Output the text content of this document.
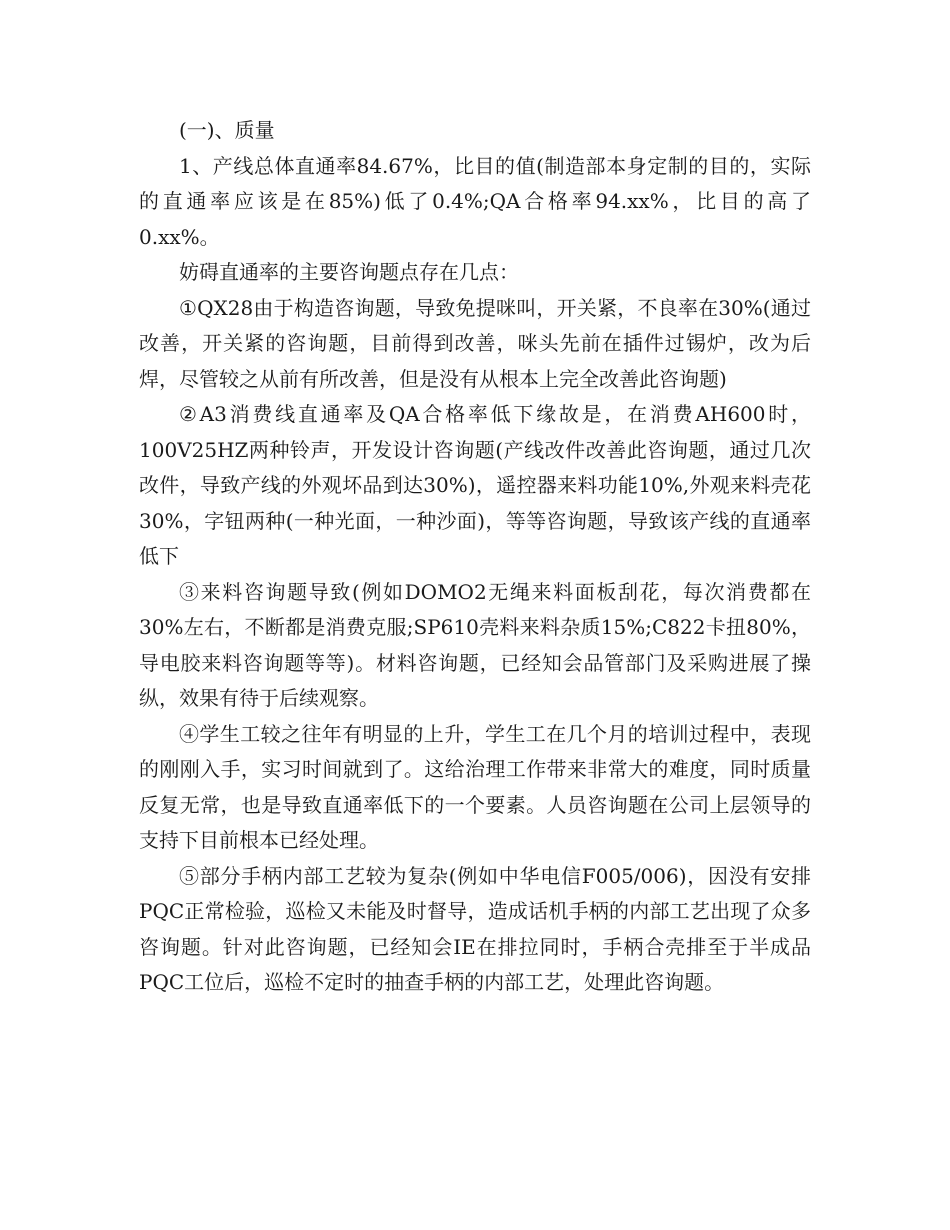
(一)、质量

1、产线总体直通率84.67%，比目的值(制造部本身定制的目的，实际的直通率应该是在85%)低了0.4%;QA合格率94.xx%，比目的高了0.xx%。

妨碍直通率的主要咨询题点存在几点：

①QX28由于构造咨询题，导致免提咪叫，开关紧，不良率在30%(通过改善，开关紧的咨询题，目前得到改善，咪头先前在插件过锡炉，改为后焊，尽管较之从前有所改善，但是没有从根本上完全改善此咨询题)

②A3消费线直通率及QA合格率低下缘故是，在消费AH600时，100V25HZ两种铃声，开发设计咨询题(产线改件改善此咨询题，通过几次改件，导致产线的外观坏品到达30%)，遥控器来料功能10%,外观来料壳花30%，字钮两种(一种光面，一种沙面)，等等咨询题，导致该产线的直通率低下

③来料咨询题导致(例如DOMO2无绳来料面板刮花，每次消费都在30%左右，不断都是消费克服;SP610壳料来料杂质15%;C822卡扭80%，导电胶来料咨询题等等)。材料咨询题，已经知会品管部门及采购进展了操纵，效果有待于后续观察。

④学生工较之往年有明显的上升，学生工在几个月的培训过程中，表现的刚刚入手，实习时间就到了。这给治理工作带来非常大的难度，同时质量反复无常，也是导致直通率低下的一个要素。人员咨询题在公司上层领导的支持下目前根本已经处理。

⑤部分手柄内部工艺较为复杂(例如中华电信F005/006)，因没有安排PQC正常检验，巡检又未能及时督导，造成话机手柄的内部工艺出现了众多咨询题。针对此咨询题，已经知会IE在排拉同时，手柄合壳排至于半成品PQC工位后，巡检不定时的抽查手柄的内部工艺，处理此咨询题。
